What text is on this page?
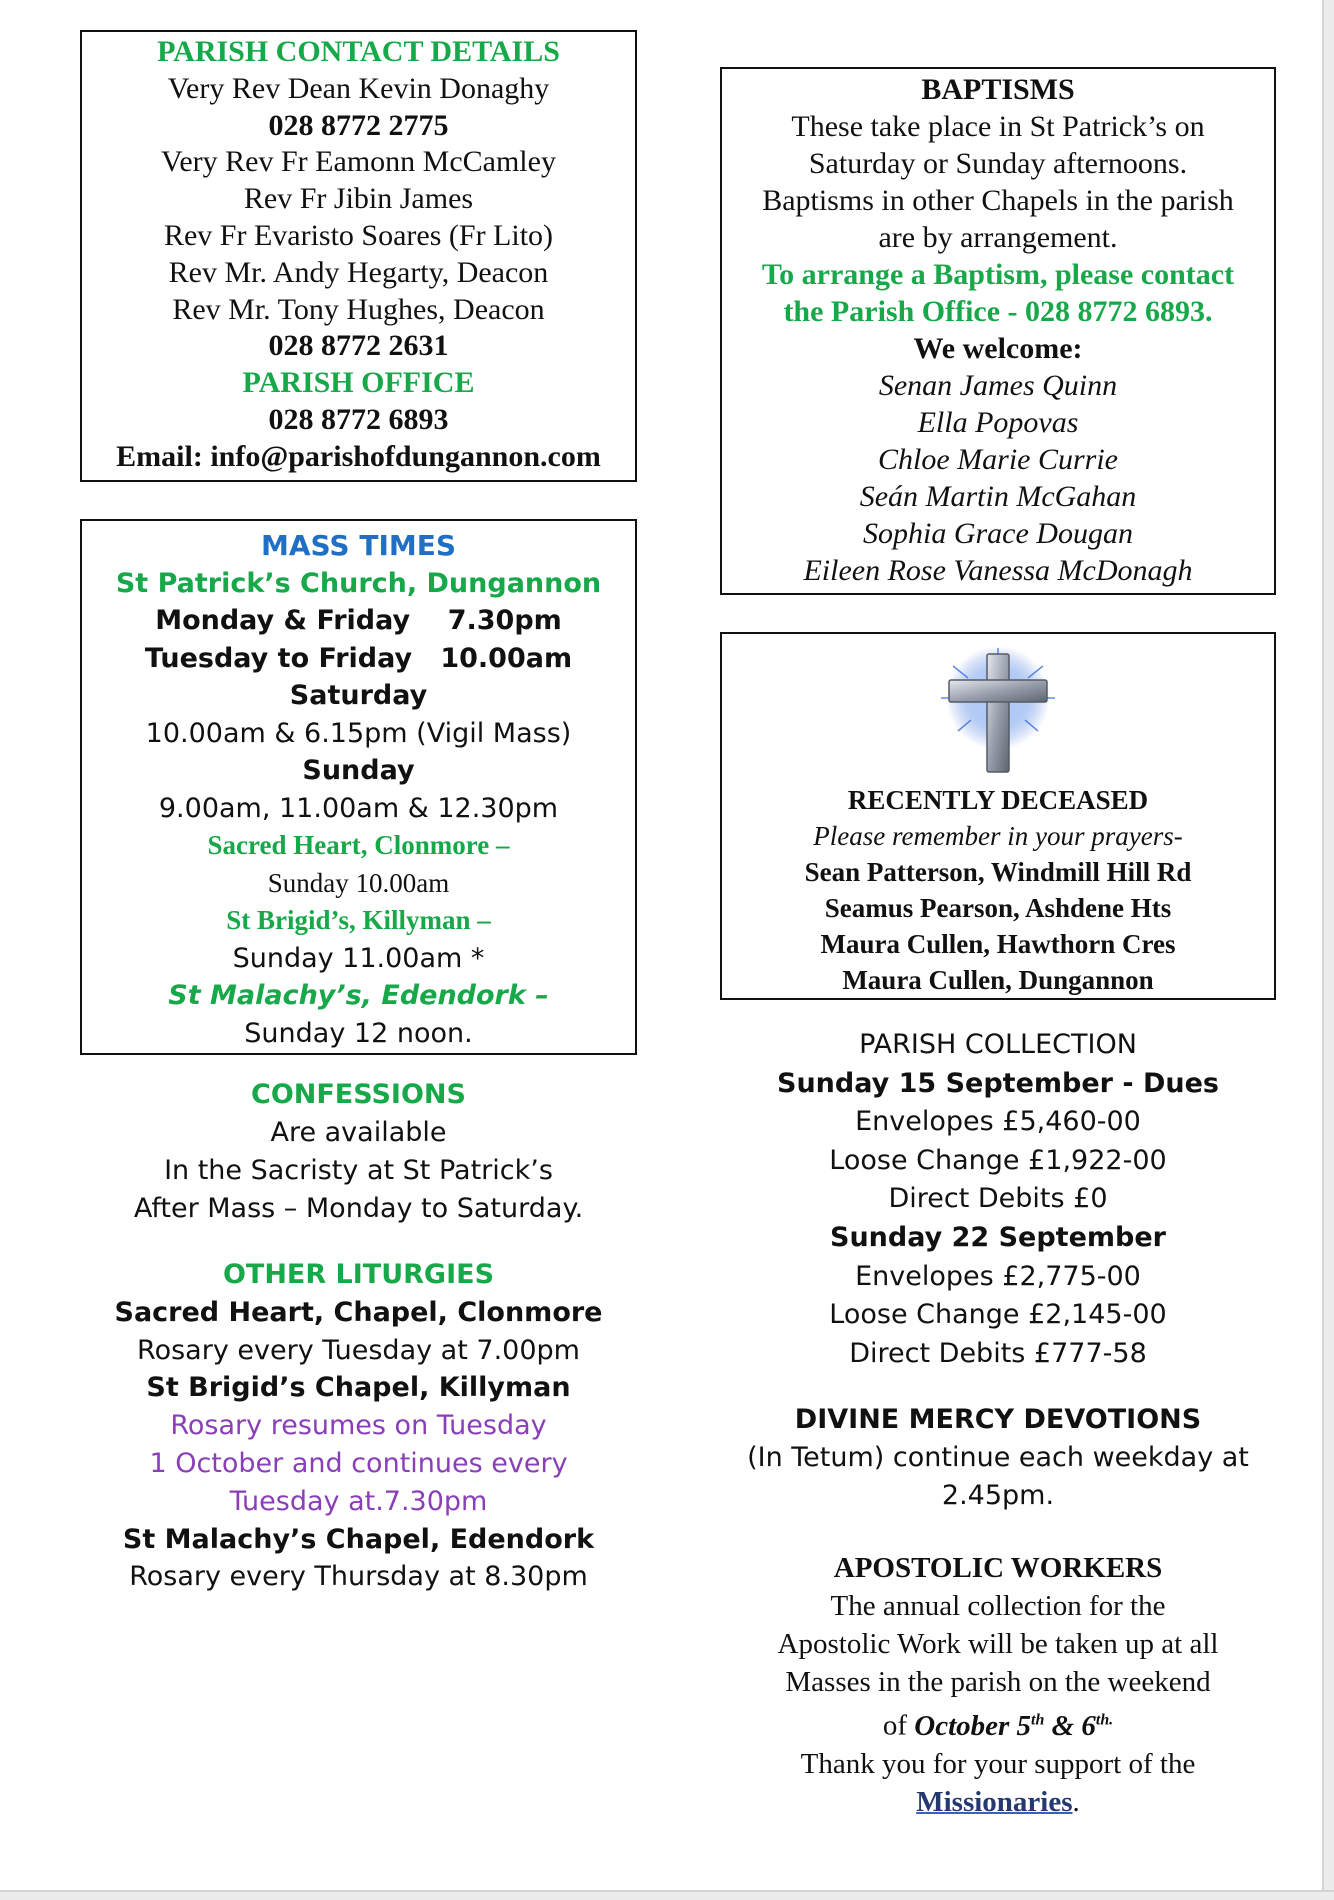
PARISH CONTACT DETAILS
Very Rev Dean Kevin Donaghy
028 8772 2775
Very Rev Fr Eamonn McCamley
Rev Fr Jibin James
Rev Fr Evaristo Soares (Fr Lito)
Rev Mr. Andy Hegarty, Deacon
Rev Mr. Tony Hughes, Deacon
028 8772 2631
PARISH OFFICE
028 8772 6893
Email: info@parishofdungannon.com
MASS TIMES
St Patrick’s Church, Dungannon
Monday & Friday    7.30pm
Tuesday to Friday   10.00am
Saturday
10.00am & 6.15pm (Vigil Mass)
Sunday
9.00am, 11.00am & 12.30pm
Sacred Heart, Clonmore –
Sunday 10.00am
St Brigid’s, Killyman –
Sunday 11.00am *
St Malachy’s, Edendork –
Sunday 12 noon.
CONFESSIONS
Are available
In the Sacristy at St Patrick’s
After Mass – Monday to Saturday.
OTHER LITURGIES
Sacred Heart, Chapel, Clonmore
Rosary every Tuesday at 7.00pm
St Brigid’s Chapel, Killyman
Rosary resumes on Tuesday
1 October and continues every
Tuesday at.7.30pm
St Malachy’s Chapel, Edendork
Rosary every Thursday at 8.30pm
BAPTISMS
These take place in St Patrick’s on
Saturday or Sunday afternoons.
Baptisms in other Chapels in the parish
are by arrangement.
To arrange a Baptism, please contact
the Parish Office - 028 8772 6893.
We welcome:
Senan James Quinn
Ella Popovas
Chloe Marie Currie
Seán Martin McGahan
Sophia Grace Dougan
Eileen Rose Vanessa McDonagh
RECENTLY DECEASED
Please remember in your prayers-
Sean Patterson, Windmill Hill Rd
Seamus Pearson, Ashdene Hts
Maura Cullen, Hawthorn Cres
Maura Cullen, Dungannon
PARISH COLLECTION
Sunday 15 September - Dues
Envelopes £5,460-00
Loose Change £1,922-00
Direct Debits £0
Sunday 22 September
Envelopes £2,775-00
Loose Change £2,145-00
Direct Debits £777-58
DIVINE MERCY DEVOTIONS
(In Tetum) continue each weekday at
2.45pm.
APOSTOLIC WORKERS
The annual collection for the
Apostolic Work will be taken up at all
Masses in the parish on the weekend
of October 5th & $6^{th.}$
Thank you for your support of the
Missionaries.
